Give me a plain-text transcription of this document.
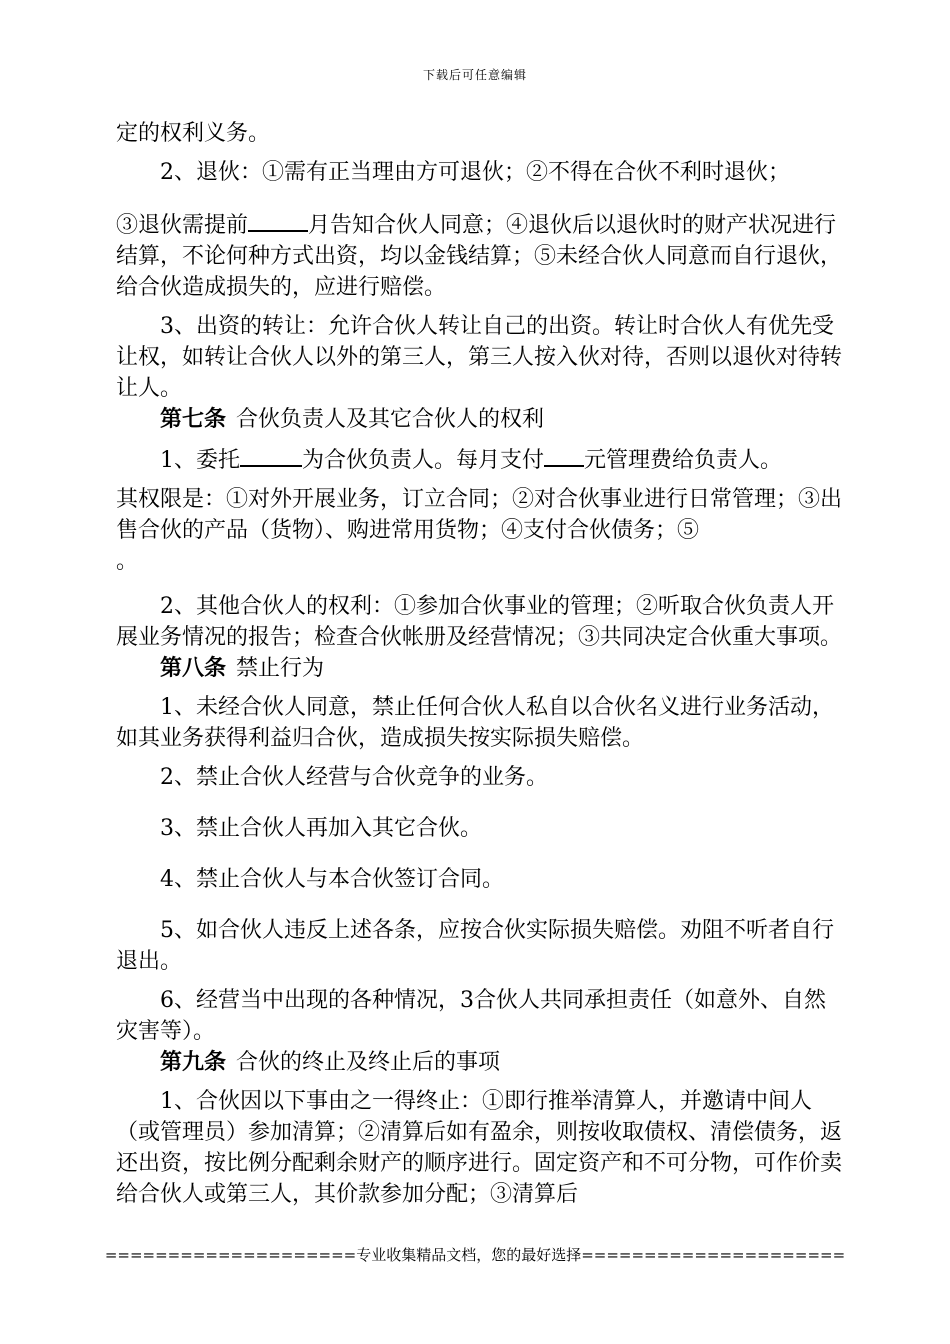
下载后可任意编辑

定的权利义务。

2、退伙：①需有正当理由方可退伙；②不得在合伙不利时退伙；

③退伙需提前	月告知合伙人同意；④退伙后以退伙时的财产状况进行结算，不论何种方式出资，均以金钱结算；⑤未经合伙人同意而自行退伙，给合伙造成损失的，应进行赔偿。

3、出资的转让：允许合伙人转让自己的出资。转让时合伙人有优先受让权，如转让合伙人以外的第三人，第三人按入伙对待，否则以退伙对待转让人。

第七条 合伙负责人及其它合伙人的权利

1、委托	为合伙负责人。每月支付 元管理费给负责人。

其权限是：①对外开展业务，订立合同；②对合伙事业进行日常管理；③出售合伙的产品（货物）、购进常用货物；④支付合伙债务；⑤

。

2、其他合伙人的权利：①参加合伙事业的管理；②听取合伙负责人开展业务情况的报告；检查合伙帐册及经营情况；③共同决定合伙重大事项。

第八条 禁止行为

1、未经合伙人同意，禁止任何合伙人私自以合伙名义进行业务活动，如其业务获得利益归合伙，造成损失按实际损失赔偿。

2、禁止合伙人经营与合伙竞争的业务。

3、禁止合伙人再加入其它合伙。

4、禁止合伙人与本合伙签订合同。

5、如合伙人违反上述各条，应按合伙实际损失赔偿。劝阻不听者自行退出。

6、经营当中出现的各种情况，3合伙人共同承担责任（如意外、自然灾害等）。

第九条 合伙的终止及终止后的事项

1、合伙因以下事由之一得终止：①即行推举清算人，并邀请中间人（或管理员）参加清算；②清算后如有盈余，则按收取债权、清偿债务，返还出资，按比例分配剩余财产的顺序进行。固定资产和不可分物，可作价卖给合伙人或第三人，其价款参加分配；③清算后

====================专业收集精品文档，您的最好选择=====================
